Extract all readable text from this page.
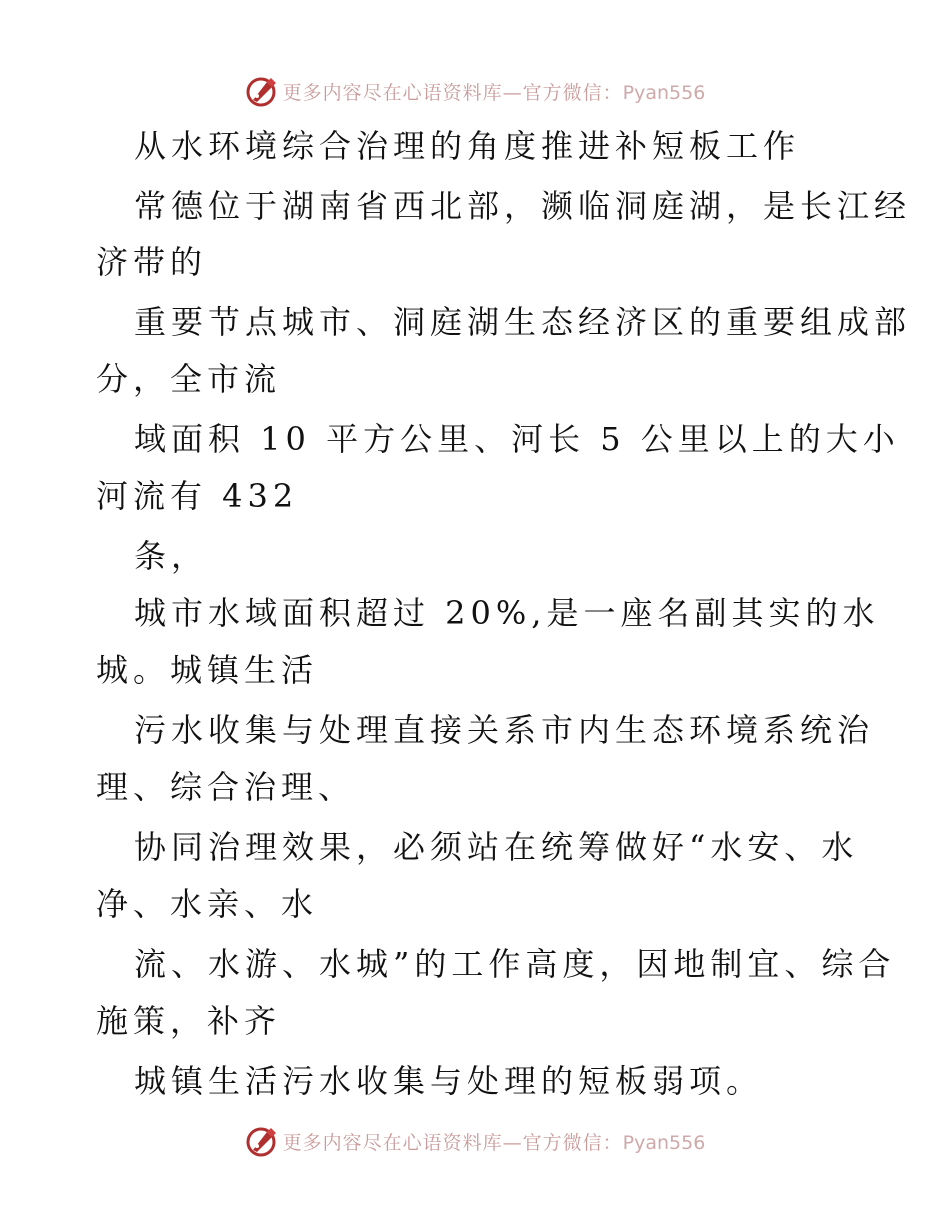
更多内容尽在心语资料库—官方微信：Pyan556
从水环境综合治理的角度推进补短板工作
常德位于湖南省西北部，濒临洞庭湖，是长江经
济带的
重要节点城市、洞庭湖生态经济区的重要组成部
分，全市流
域面积 10 平方公里、河长 5 公里以上的大小
河流有 432
条，
城市水域面积超过 20%,是一座名副其实的水
城。城镇生活
污水收集与处理直接关系市内生态环境系统治
理、综合治理、
协同治理效果，必须站在统筹做好“水安、水
净、水亲、水
流、水游、水城”的工作高度，因地制宜、综合
施策，补齐
城镇生活污水收集与处理的短板弱项。
更多内容尽在心语资料库—官方微信：Pyan556
